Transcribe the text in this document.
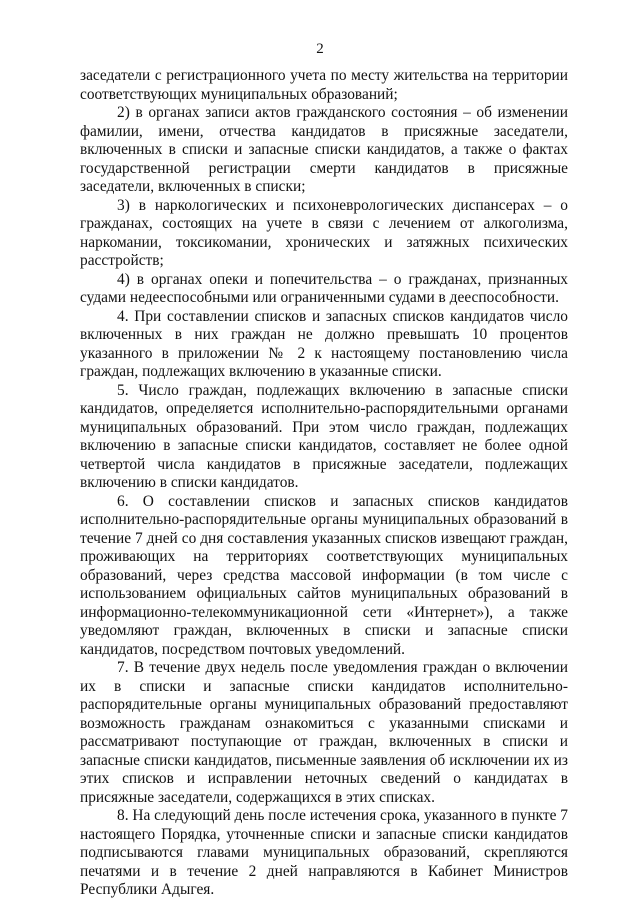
2

заседатели с регистрационного учета по месту жительства на территории соответствующих муниципальных образований;

2) в органах записи актов гражданского состояния – об изменении фамилии, имени, отчества кандидатов в присяжные заседатели, включенных в списки и запасные списки кандидатов, а также о фактах государственной регистрации смерти кандидатов в присяжные заседатели, включенных в списки;

3) в наркологических и психоневрологических диспансерах – о гражданах, состоящих на учете в связи с лечением от алкоголизма, наркомании, токсикомании, хронических и затяжных психических расстройств;

4) в органах опеки и попечительства – о гражданах, признанных судами недееспособными или ограниченными судами в дееспособности.

4. При составлении списков и запасных списков кандидатов число включенных в них граждан не должно превышать 10 процентов указанного в приложении № 2 к настоящему постановлению числа граждан, подлежащих включению в указанные списки.

5. Число граждан, подлежащих включению в запасные списки кандидатов, определяется исполнительно-распорядительными органами муниципальных образований. При этом число граждан, подлежащих включению в запасные списки кандидатов, составляет не более одной четвертой числа кандидатов в присяжные заседатели, подлежащих включению в списки кандидатов.

6. О составлении списков и запасных списков кандидатов исполнительно-распорядительные органы муниципальных образований в течение 7 дней со дня составления указанных списков извещают граждан, проживающих на территориях соответствующих муниципальных образований, через средства массовой информации (в том числе с использованием официальных сайтов муниципальных образований в информационно-телекоммуникационной сети «Интернет»), а также уведомляют граждан, включенных в списки и запасные списки кандидатов, посредством почтовых уведомлений.

7. В течение двух недель после уведомления граждан о включении их в списки и запасные списки кандидатов исполнительно-распорядительные органы муниципальных образований предоставляют возможность гражданам ознакомиться с указанными списками и рассматривают поступающие от граждан, включенных в списки и запасные списки кандидатов, письменные заявления об исключении их из этих списков и исправлении неточных сведений о кандидатах в присяжные заседатели, содержащихся в этих списках.

8. На следующий день после истечения срока, указанного в пункте 7 настоящего Порядка, уточненные списки и запасные списки кандидатов подписываются главами муниципальных образований, скрепляются печатями и в течение 2 дней направляются в Кабинет Министров Республики Адыгея.
